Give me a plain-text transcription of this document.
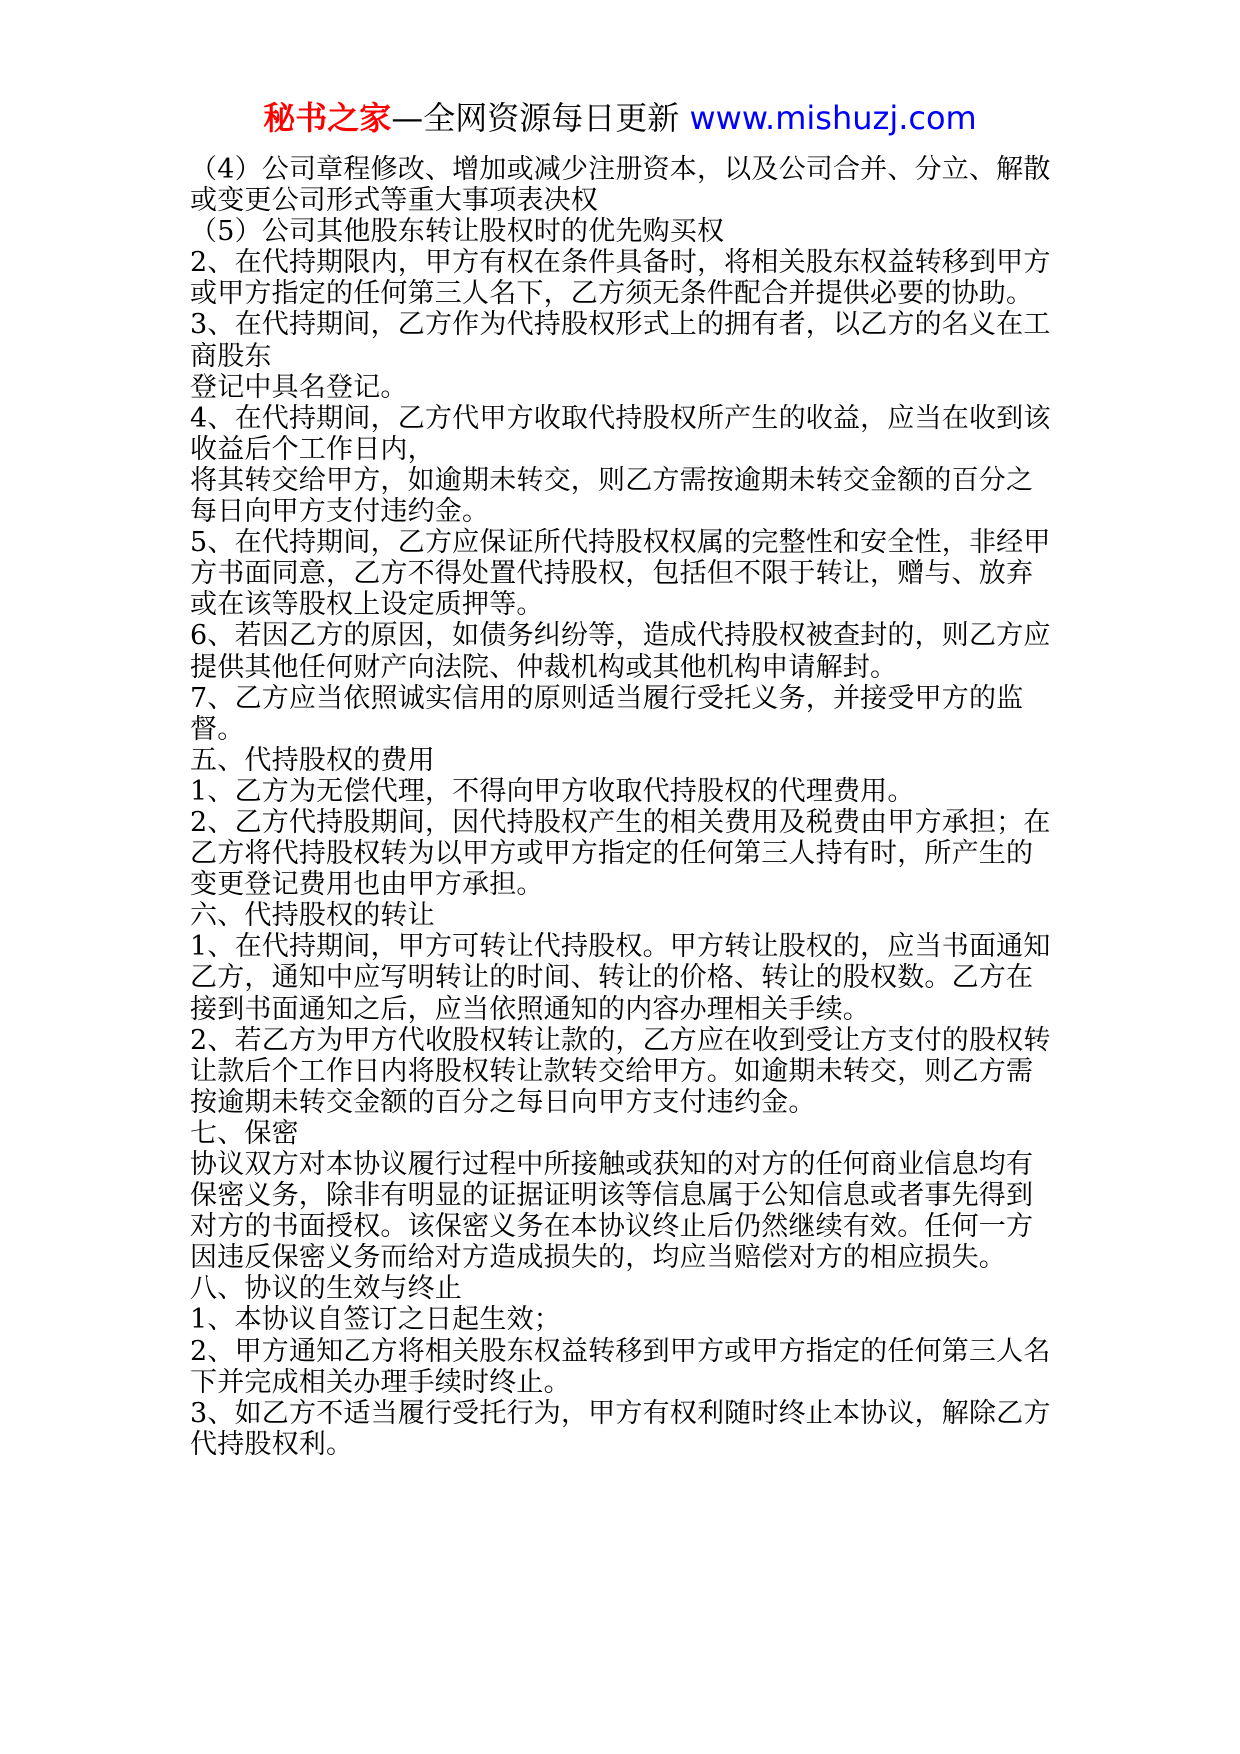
秘书之家—全网资源每日更新 www.mishuzj.com

（4）公司章程修改、增加或减少注册资本，以及公司合并、分立、解散或变更公司形式等重大事项表决权

（5）公司其他股东转让股权时的优先购买权

2、在代持期限内，甲方有权在条件具备时，将相关股东权益转移到甲方或甲方指定的任何第三人名下，乙方须无条件配合并提供必要的协助。

3、在代持期间，乙方作为代持股权形式上的拥有者，以乙方的名义在工商股东

登记中具名登记。

4、在代持期间，乙方代甲方收取代持股权所产生的收益，应当在收到该收益后个工作日内，

将其转交给甲方，如逾期未转交，则乙方需按逾期未转交金额的百分之每日向甲方支付违约金。

5、在代持期间，乙方应保证所代持股权权属的完整性和安全性，非经甲方书面同意，乙方不得处置代持股权，包括但不限于转让，赠与、放弃或在该等股权上设定质押等。

6、若因乙方的原因，如债务纠纷等，造成代持股权被查封的，则乙方应提供其他任何财产向法院、仲裁机构或其他机构申请解封。

7、乙方应当依照诚实信用的原则适当履行受托义务，并接受甲方的监督。

五、代持股权的费用

1、乙方为无偿代理，不得向甲方收取代持股权的代理费用。

2、乙方代持股期间，因代持股权产生的相关费用及税费由甲方承担；在乙方将代持股权转为以甲方或甲方指定的任何第三人持有时，所产生的变更登记费用也由甲方承担。

六、代持股权的转让

1、在代持期间，甲方可转让代持股权。甲方转让股权的，应当书面通知乙方，通知中应写明转让的时间、转让的价格、转让的股权数。乙方在接到书面通知之后，应当依照通知的内容办理相关手续。

2、若乙方为甲方代收股权转让款的，乙方应在收到受让方支付的股权转让款后个工作日内将股权转让款转交给甲方。如逾期未转交，则乙方需按逾期未转交金额的百分之每日向甲方支付违约金。

七、保密

协议双方对本协议履行过程中所接触或获知的对方的任何商业信息均有保密义务，除非有明显的证据证明该等信息属于公知信息或者事先得到对方的书面授权。该保密义务在本协议终止后仍然继续有效。任何一方因违反保密义务而给对方造成损失的，均应当赔偿对方的相应损失。

八、协议的生效与终止

1、本协议自签订之日起生效；

2、甲方通知乙方将相关股东权益转移到甲方或甲方指定的任何第三人名下并完成相关办理手续时终止。

3、如乙方不适当履行受托行为，甲方有权利随时终止本协议，解除乙方代持股权利。
